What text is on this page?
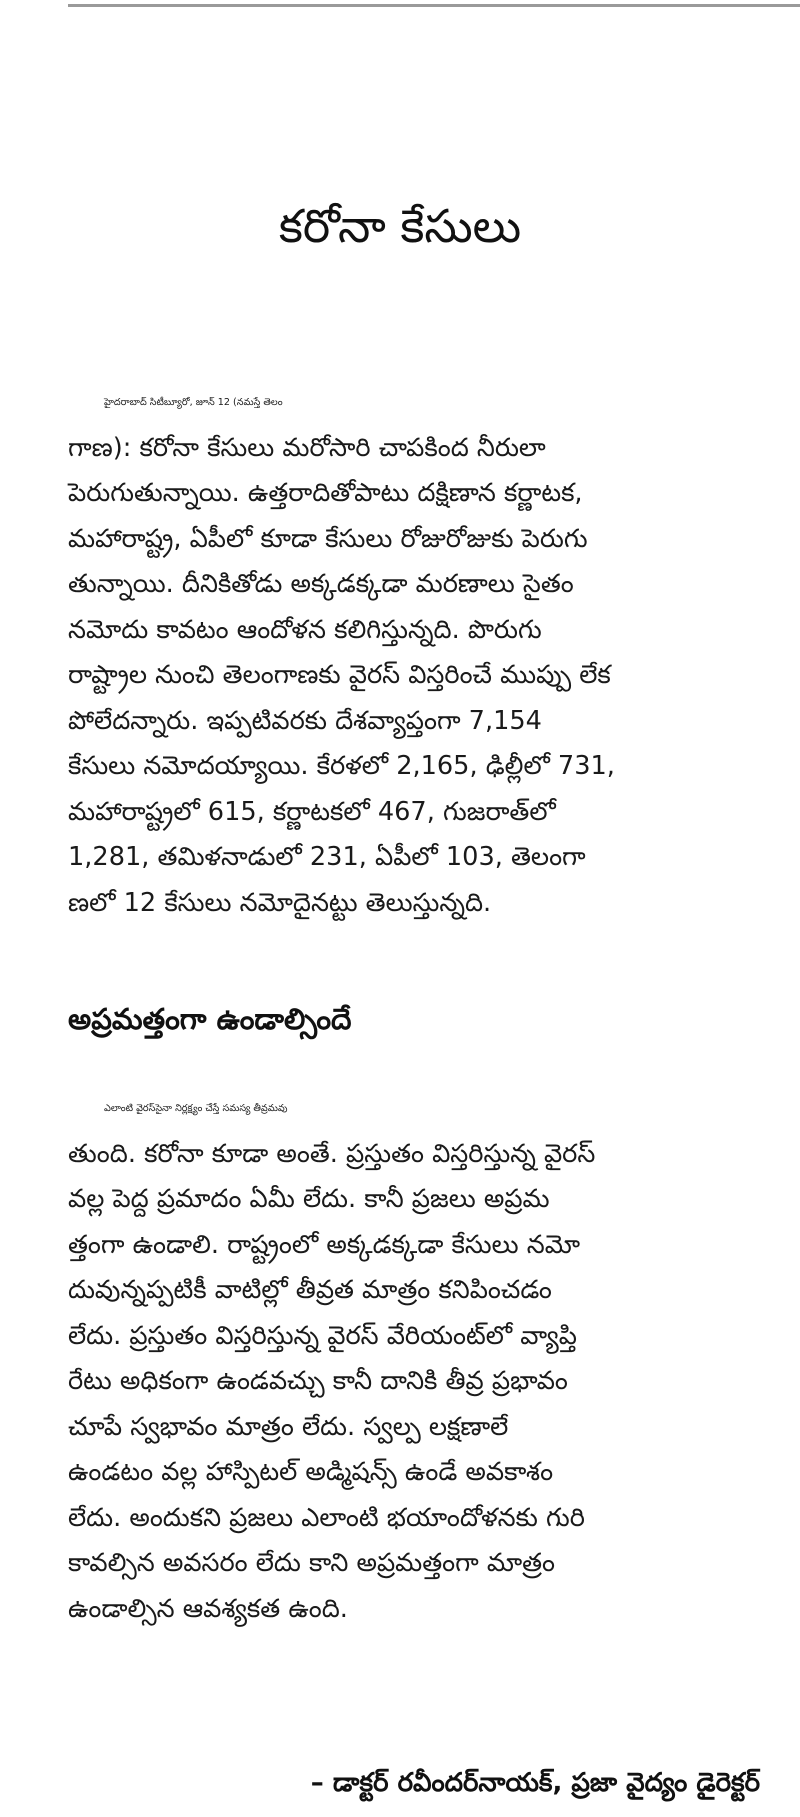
కరోనా కేసులు
హైదరాబాద్ సిటీబ్యూరో, జూన్ 12 (నమస్తే తెలం
గాణ): కరోనా కేసులు మరోసారి చాపకింద నీరులా
పెరుగుతున్నాయి. ఉత్తరాదితోపాటు దక్షిణాన కర్ణాటక,
మహారాష్ట్ర, ఏపీలో కూడా కేసులు రోజురోజుకు పెరుగు
తున్నాయి. దీనికితోడు అక్కడక్కడా మరణాలు సైతం
నమోదు కావటం ఆందోళన కలిగిస్తున్నది. పొరుగు
రాష్ట్రాల నుంచి తెలంగాణకు వైరస్ విస్తరించే ముప్పు లేక
పోలేదన్నారు. ఇప్పటివరకు దేశవ్యాప్తంగా 7,154
కేసులు నమోదయ్యాయి. కేరళలో 2,165, ఢిల్లీలో 731,
మహారాష్ట్రలో 615, కర్ణాటకలో 467, గుజరాత్‌లో
1,281, తమిళనాడులో 231, ఏపీలో 103, తెలంగా
ణలో 12 కేసులు నమోదైనట్టు తెలుస్తున్నది.
అప్రమత్తంగా ఉండాల్సిందే
ఎలాంటి వైరస్‌సైనా నిర్లక్ష్యం చేస్తే సమస్య తీవ్రమవు
తుంది. కరోనా కూడా అంతే. ప్రస్తుతం విస్తరిస్తున్న వైరస్
వల్ల పెద్ద ప్రమాదం ఏమీ లేదు. కానీ ప్రజలు అప్రమ
త్తంగా ఉండాలి. రాష్ట్రంలో అక్కడక్కడా కేసులు నమో
దువున్నప్పటికీ వాటిల్లో తీవ్రత మాత్రం కనిపించడం
లేదు. ప్రస్తుతం విస్తరిస్తున్న వైరస్ వేరియంట్‌లో వ్యాప్తి
రేటు అధికంగా ఉండవచ్చు కానీ దానికి తీవ్ర ప్రభావం
చూపే స్వభావం మాత్రం లేదు. స్వల్ప లక్షణాలే
ఉండటం వల్ల హాస్పిటల్ అడ్మిషన్స్ ఉండే అవకాశం
లేదు. అందుకని ప్రజలు ఎలాంటి భయాందోళనకు గురి
కావల్సిన అవసరం లేదు కాని అప్రమత్తంగా మాత్రం
ఉండాల్సిన ఆవశ్యకత ఉంది.
– డాక్టర్ రవీందర్‌నాయక్, ప్రజా వైద్యం డైరెక్టర్
